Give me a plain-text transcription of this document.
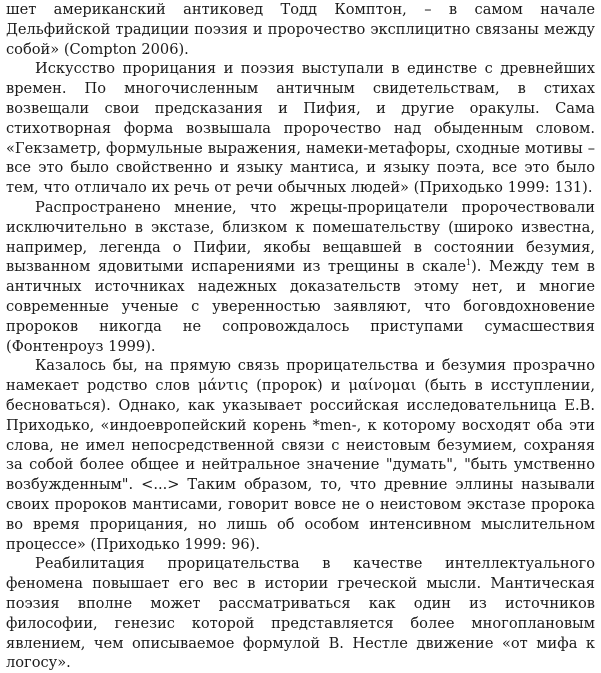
шет американский антиковед Тодд Комптон, – в самом начале Дельфийской традиции поэзия и пророчество эксплицитно связаны между собой» (Compton 2006).

Искусство прорицания и поэзия выступали в единстве с древнейших времен. По многочисленным античным свидетельствам, в стихах возвещали свои предсказания и Пифия, и другие оракулы. Сама стихотворная форма возвышала пророчество над обыденным словом. «Гекзаметр, формульные выражения, намеки-метафоры, сходные мотивы – все это было свойственно и языку мантиса, и языку поэта, все это было тем, что отличало их речь от речи обычных людей» (Приходько 1999: 131).

Распространено мнение, что жрецы-прорицатели пророчествовали исключительно в экстазе, близком к помешательству (широко известна, например, легенда о Пифии, якобы вещавшей в состоянии безумия, вызванном ядовитыми испарениями из трещины в скале$^1$). Между тем в античных источниках надежных доказательств этому нет, и многие современные ученые с уверенностью заявляют, что боговдохновение пророков никогда не сопровождалось приступами сумасшествия (Фонтенроуз 1999).

Казалось бы, на прямую связь прорицательства и безумия прозрачно намекает родство слов μάντις (пророк) и μαίνομαι (быть в исступлении, бесноваться). Однако, как указывает российская исследовательница Е.В. Приходько, «индоевропейский корень *men-, к которому восходят оба эти слова, не имел непосредственной связи с неистовым безумием, сохраняя за собой более общее и нейтральное значение "думать", "быть умственно возбужденным". <...> Таким образом, то, что древние эллины называли своих пророков мантисами, говорит вовсе не о неистовом экстазе пророка во время прорицания, но лишь об особом интенсивном мыслительном процессе» (Приходько 1999: 96).

Реабилитация прорицательства в качестве интеллектуального феномена повышает его вес в истории греческой мысли. Мантическая поэзия вполне может рассматриваться как один из источников философии, генезис которой представляется более многоплановым явлением, чем описываемое формулой В. Нестле движение «от мифа к логосу».
